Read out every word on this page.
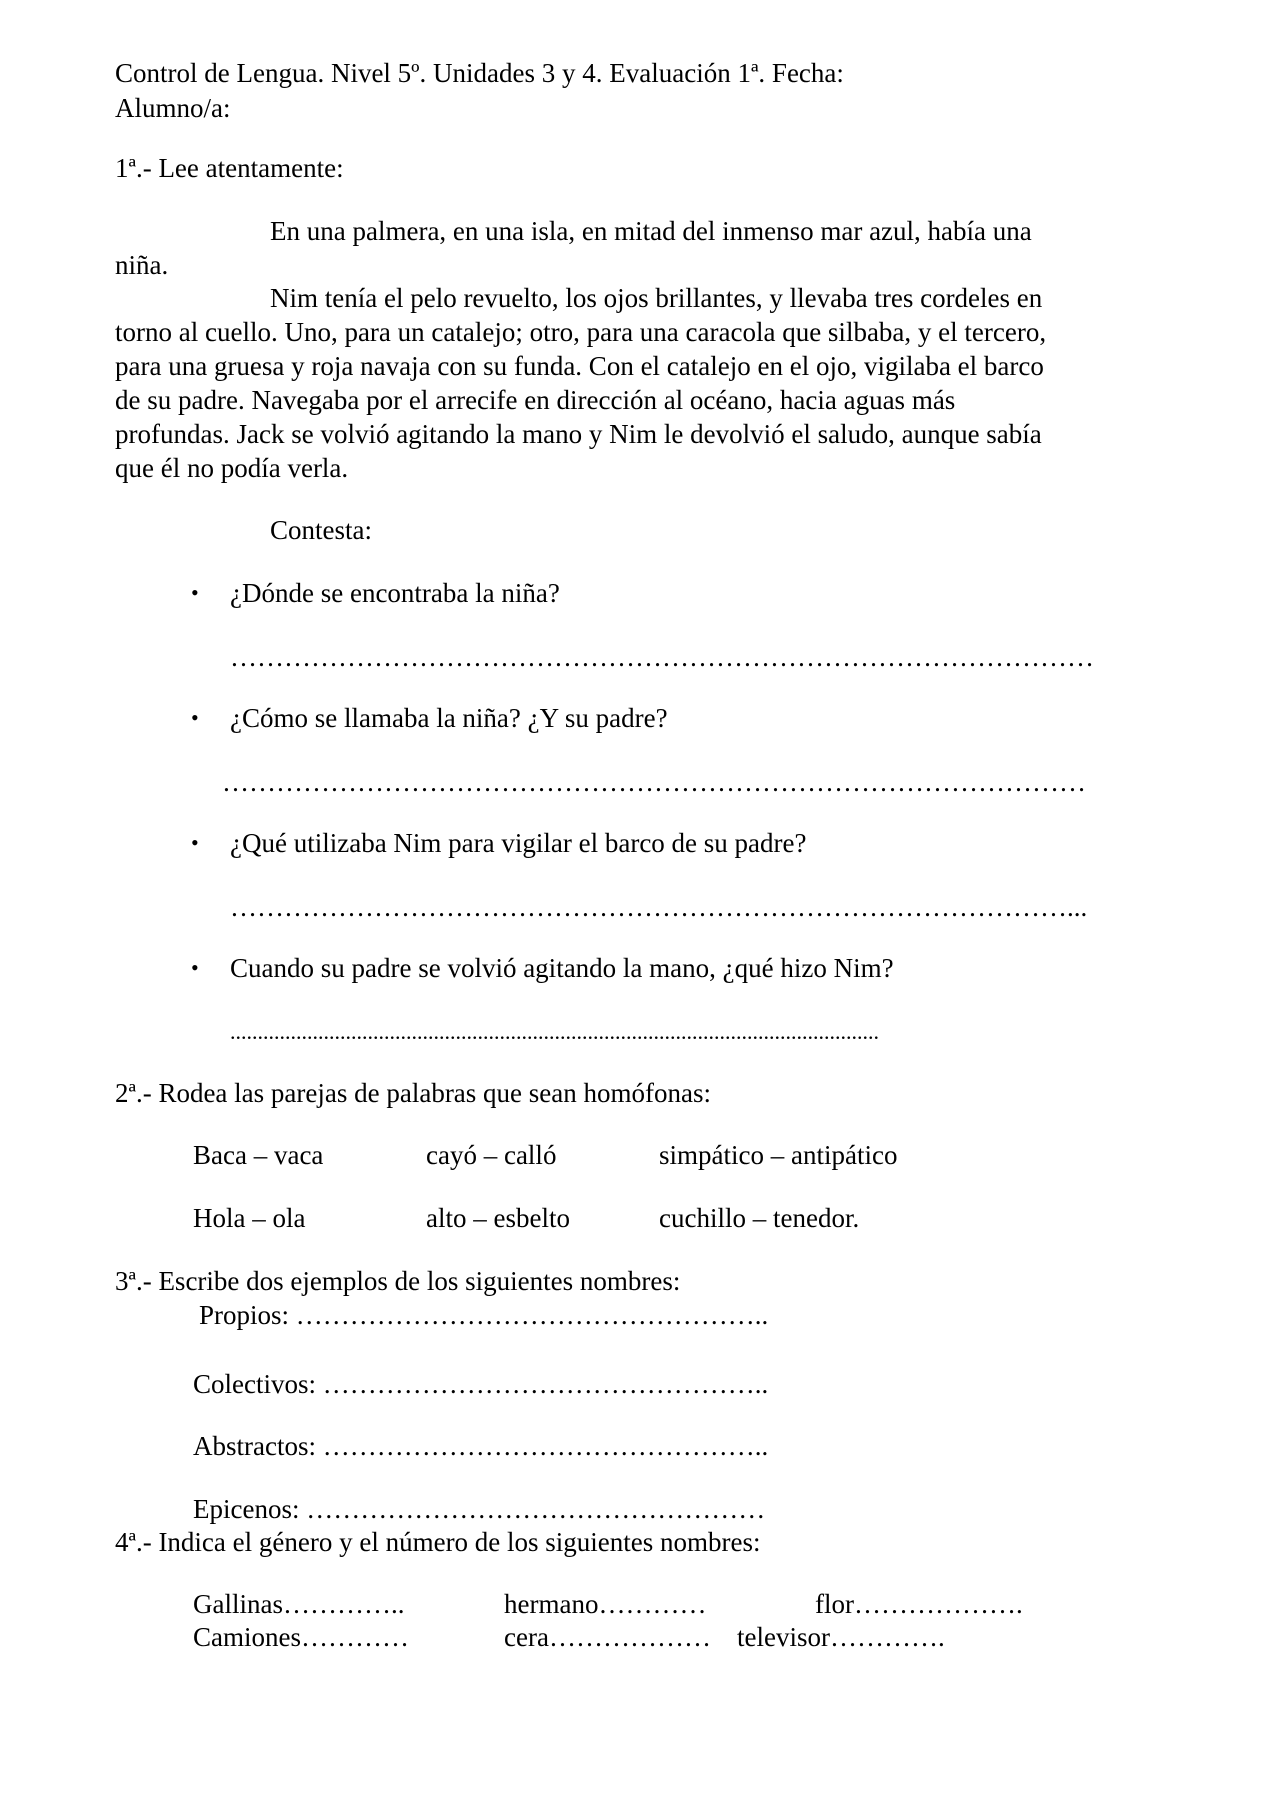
Control de Lengua. Nivel 5º. Unidades 3 y 4. Evaluación 1ª. Fecha:
Alumno/a:
1ª.- Lee atentamente:
En una palmera, en una isla, en mitad del inmenso mar azul, había una
niña.
Nim tenía el pelo revuelto, los ojos brillantes, y llevaba tres cordeles en
torno al cuello. Uno, para un catalejo; otro, para una caracola que silbaba, y el tercero,
para una gruesa y roja navaja con su funda. Con el catalejo en el ojo, vigilaba el barco
de su padre. Navegaba por el arrecife en dirección al océano, hacia aguas más
profundas. Jack se volvió agitando la mano y Nim le devolvió el saludo, aunque sabía
que él no podía verla.
Contesta:
• ¿Dónde se encontraba la niña?
……………………………………………………………………………………
• ¿Cómo se llamaba la niña? ¿Y su padre?
……………………………………………………………………………………
• ¿Qué utilizaba Nim para vigilar el barco de su padre?
…………………………………………………………………………………...
• Cuando su padre se volvió agitando la mano, ¿qué hizo Nim?
......................................................................................................................
2ª.- Rodea las parejas de palabras que sean homófonas:
Baca – vaca	cayó – calló	simpático – antipático
Hola – ola	alto – esbelto	cuchillo – tenedor.
3ª.- Escribe dos ejemplos de los siguientes nombres:
Propios: ……………………………………………..
Colectivos: …………………………………………..
Abstractos: …………………………………………..
Epicenos: ……………………………………………
4ª.- Indica el género y el número de los siguientes nombres:
Gallinas…………..	hermano…………	flor……………….
Camiones…………	cera……………… televisor………….
